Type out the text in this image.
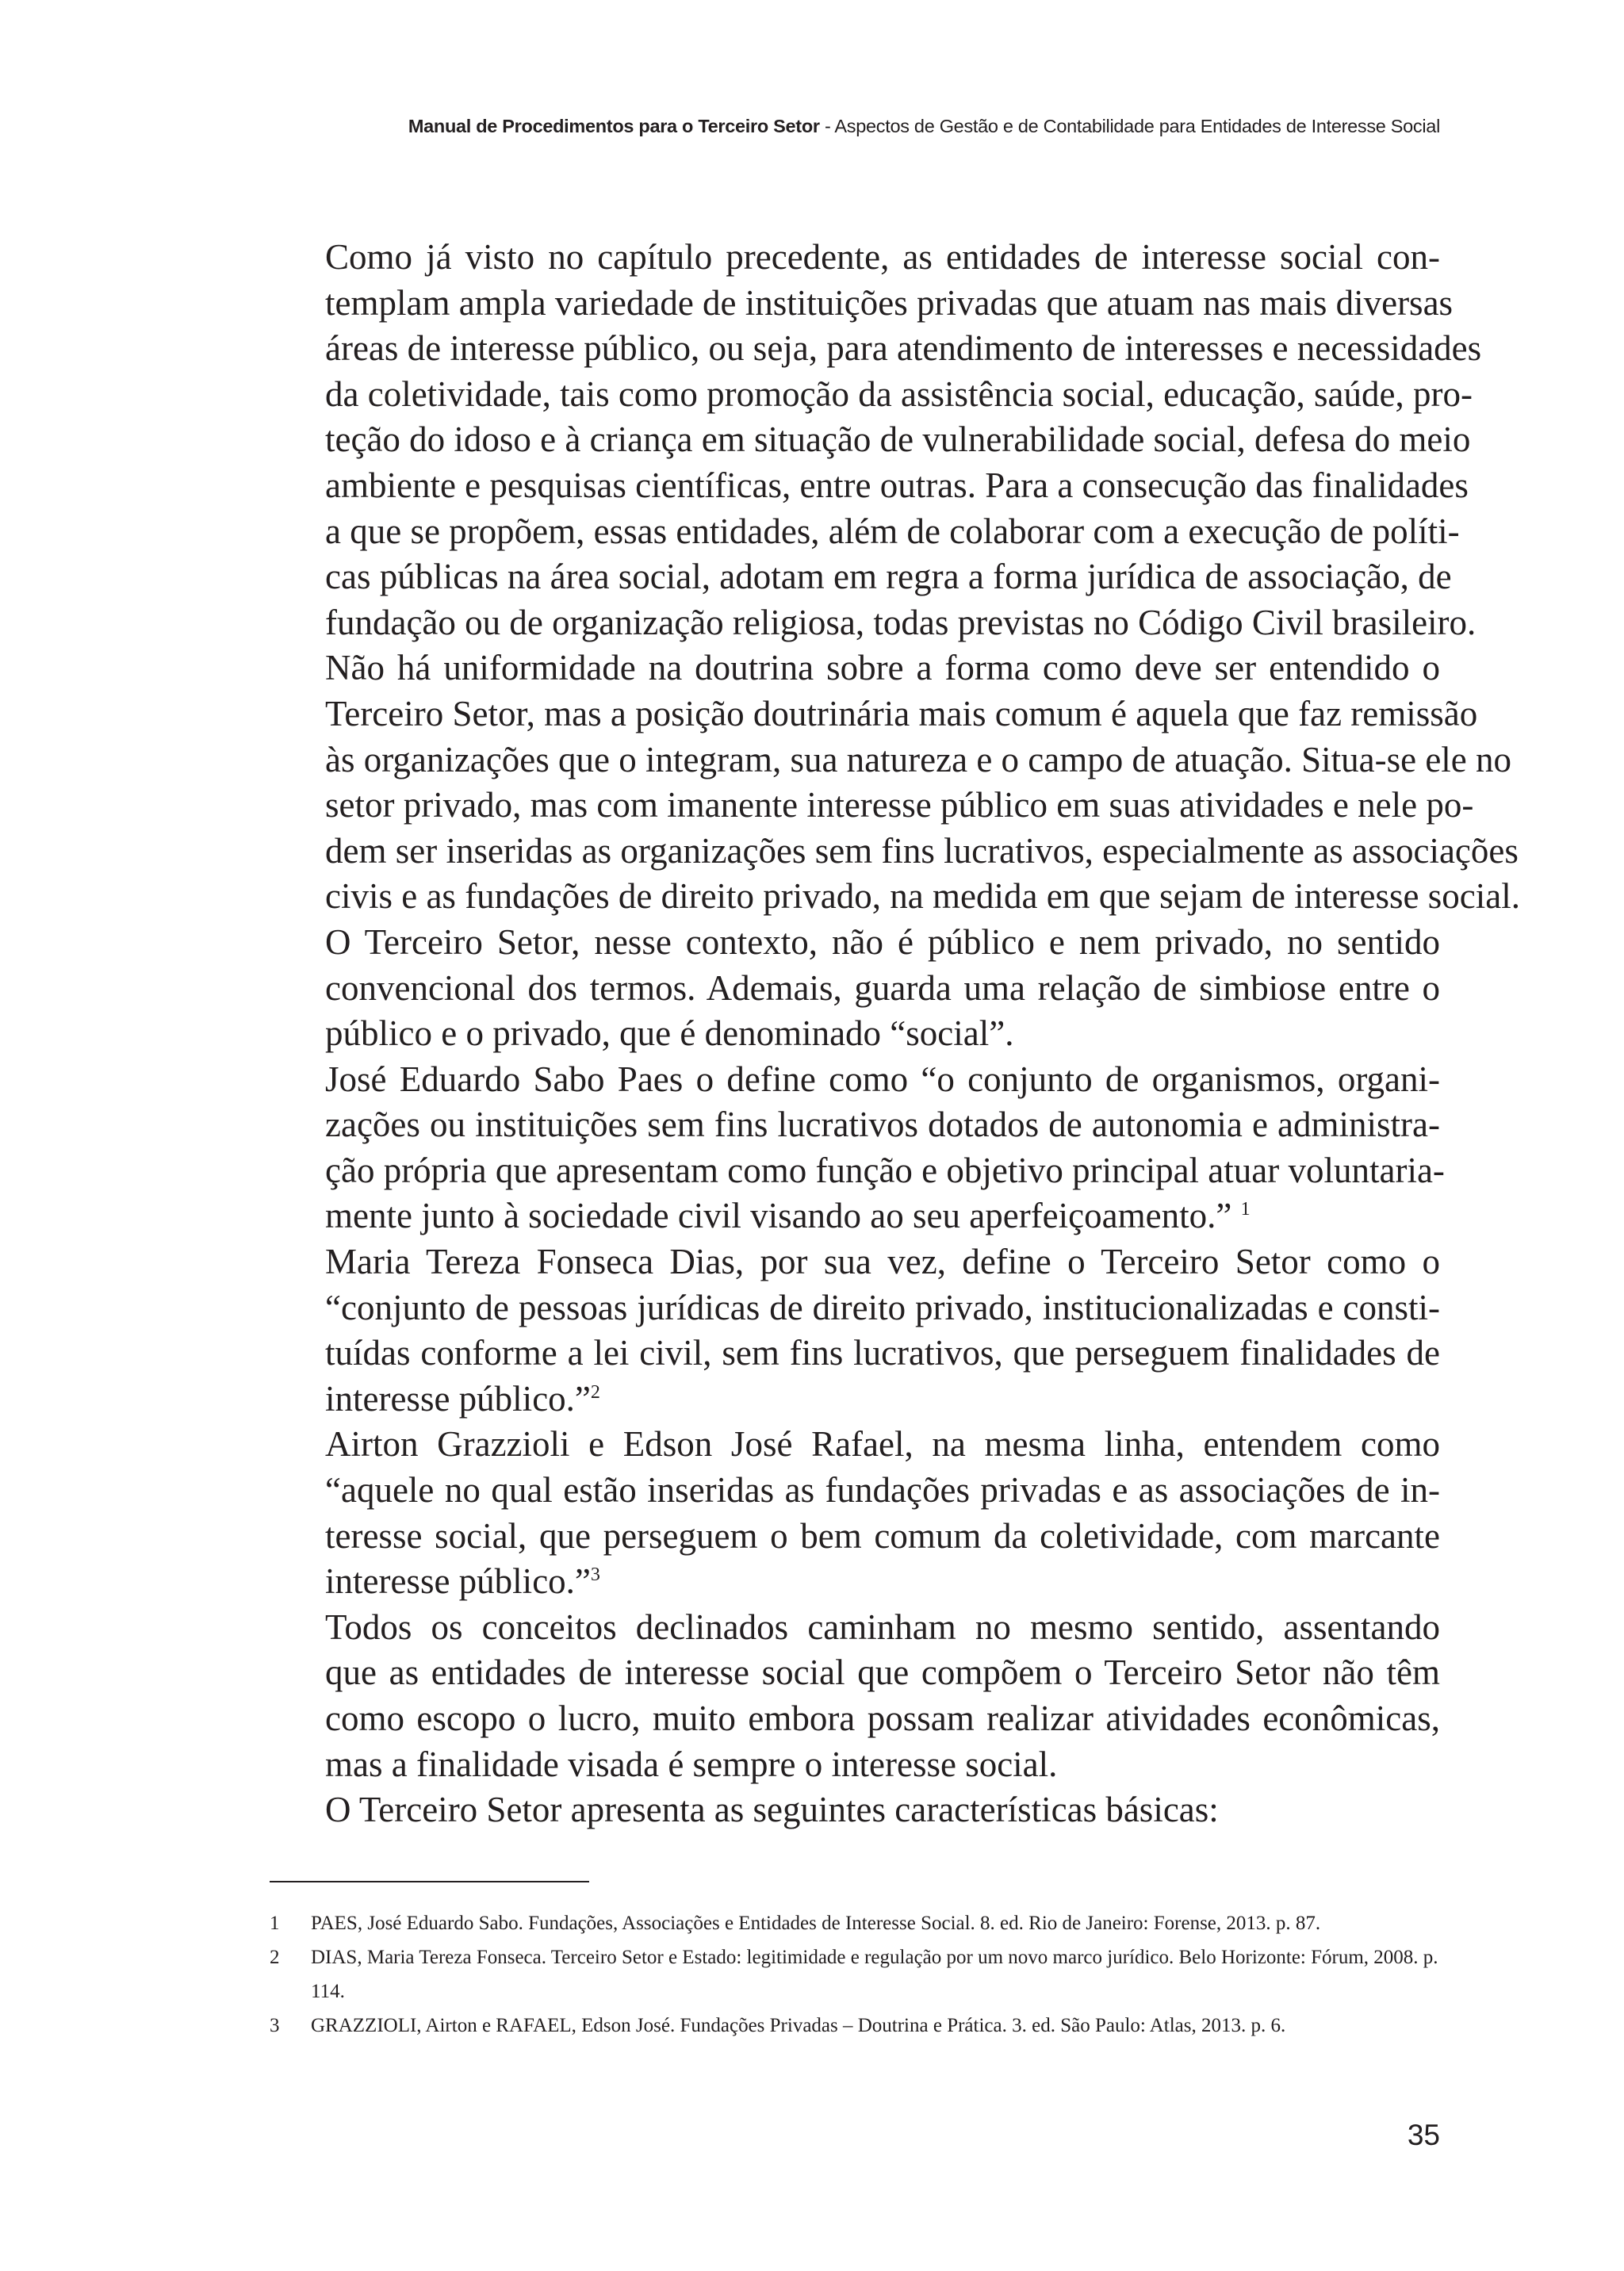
Manual de Procedimentos para o Terceiro Setor - Aspectos de Gestão e de Contabilidade para Entidades de Interesse Social

Como já visto no capítulo precedente, as entidades de interesse social con-
templam ampla variedade de instituições privadas que atuam nas mais diversas
áreas de interesse público, ou seja, para atendimento de interesses e necessidades
da coletividade, tais como promoção da assistência social, educação, saúde, pro-
teção do idoso e à criança em situação de vulnerabilidade social, defesa do meio
ambiente e pesquisas científicas, entre outras. Para a consecução das finalidades
a que se propõem, essas entidades, além de colaborar com a execução de políti-
cas públicas na área social, adotam em regra a forma jurídica de associação, de
fundação ou de organização religiosa, todas previstas no Código Civil brasileiro.

Não há uniformidade na doutrina sobre a forma como deve ser entendido o
Terceiro Setor, mas a posição doutrinária mais comum é aquela que faz remissão
às organizações que o integram, sua natureza e o campo de atuação. Situa-se ele no
setor privado, mas com imanente interesse público em suas atividades e nele po-
dem ser inseridas as organizações sem fins lucrativos, especialmente as associações
civis e as fundações de direito privado, na medida em que sejam de interesse social.

O Terceiro Setor, nesse contexto, não é público e nem privado, no sentido
convencional dos termos. Ademais, guarda uma relação de simbiose entre o
público e o privado, que é denominado “social”.

José Eduardo Sabo Paes o define como “o conjunto de organismos, organi-
zações ou instituições sem fins lucrativos dotados de autonomia e administra-
ção própria que apresentam como função e objetivo principal atuar voluntaria-
mente junto à sociedade civil visando ao seu aperfeiçoamento.” $^1$

Maria Tereza Fonseca Dias, por sua vez, define o Terceiro Setor como o
“conjunto de pessoas jurídicas de direito privado, institucionalizadas e consti-
tuídas conforme a lei civil, sem fins lucrativos, que perseguem finalidades de
interesse público.”$^2$

Airton Grazzioli e Edson José Rafael, na mesma linha, entendem como
“aquele no qual estão inseridas as fundações privadas e as associações de in-
teresse social, que perseguem o bem comum da coletividade, com marcante
interesse público.”$^3$

Todos os conceitos declinados caminham no mesmo sentido, assentando
que as entidades de interesse social que compõem o Terceiro Setor não têm
como escopo o lucro, muito embora possam realizar atividades econômicas,
mas a finalidade visada é sempre o interesse social.

O Terceiro Setor apresenta as seguintes características básicas:

1	PAES, José Eduardo Sabo. Fundações, Associações e Entidades de Interesse Social. 8. ed. Rio de Janeiro: Forense, 2013. p. 87.
2	DIAS, Maria Tereza Fonseca. Terceiro Setor e Estado: legitimidade e regulação por um novo marco jurídico. Belo Horizonte: Fórum, 2008. p. 114.
3	GRAZZIOLI, Airton e RAFAEL, Edson José. Fundações Privadas – Doutrina e Prática. 3. ed. São Paulo: Atlas, 2013. p. 6.
35
